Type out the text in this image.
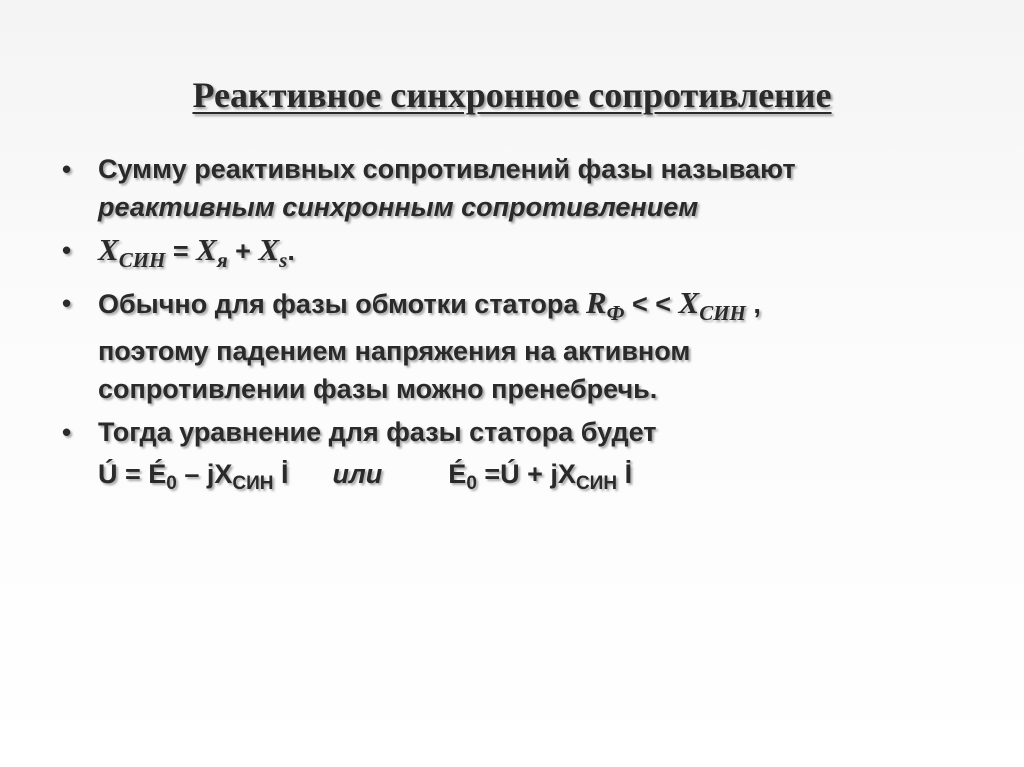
Реактивное синхронное сопротивление
• Сумму реактивных сопротивлений фазы называют
реактивным синхронным сопротивлением
• $X_{СИН} = X_я + X_s$.
• Обычно для фазы обмотки статора $R_Ф$ < < $X_{СИН}$ ,
поэтому падением напряжения на активном
сопротивлении фазы можно пренебречь.
• Тогда уравнение для фазы статора будет
Ú = $É_0 - jX_{СИН}$ İ или $É_0$ =Ú + $jX_{СИН}$ İ
